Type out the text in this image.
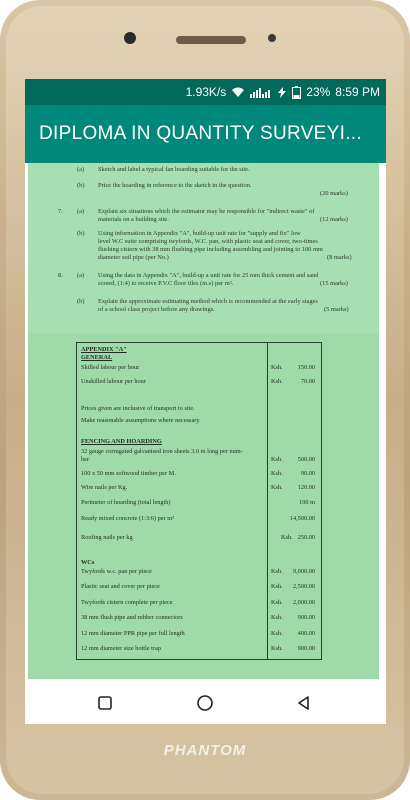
1.93K/s	23% 8:59 PM
DIPLOMA IN QUANTITY SURVEYI...
(a) Sketch and label a typical fan hoarding suitable for the site.
(b) Price the hoarding in reference to the sketch in the question.
(20 marks)
7. (a) Explain six situations which the estimator may be responsible for "indirect waste" of
materials on a building site.	(12 marks)
(b) Using information in Appendix "A", build-up unit rate for "supply and fix" low
level W.C suite comprising twyfords, W.C. pan, with plastic seat and cover, two-times
flushing cistern with 38 mm flushing pipe including assembling and jointing to 100 mm
diameter soil pipe (per No.)	(8 marks)
8. (a) Using the data in Appendix "A", build-up a unit rate for 25 mm thick cement and sand
screed, (1:4) to receive P.V.C floor tiles (m.s) per m².	(15 marks)
(b) Explain the approximate estimating method which is recommended at the early stages
of a school class project before any drawings.	(5 marks)
APPENDIX "A"
GENERAL
Skilled labour per hour	Ksh. 150.00
Unskilled labour per hour	Ksh.	70.00
Prices given are inclusive of transport to site.
Make reasonable assumptions where necessary.
FENCING AND HOARDING
32 gauge corrugated galvanised iron sheets 3.0 m long per num-
ber	Ksh. 500.00
100 x 50 mm softwood timber per M.	Ksh.	90.00
Wire nails per Kg.	Ksh. 120.00
Perimeter of hoarding (total length)	100 m
Ready mixed concrete (1:3:6) per m³	14,500.00
Roofing nails per kg	Ksh. 250.00
WCs
Twyfords w.c. pan per piece	Ksh. 9,000.00
Plastic seat and cover per piece	Ksh. 2,500.00
Twyfords cistern complete per piece	Ksh. 2,000.00
38 mm flush pipe and rubber connectors	Ksh. 900.00
12 mm diameter PPR pipe per full length	Ksh. 400.00
12 mm diameter size bottle trap	Ksh. 900.00
PHANTOM
